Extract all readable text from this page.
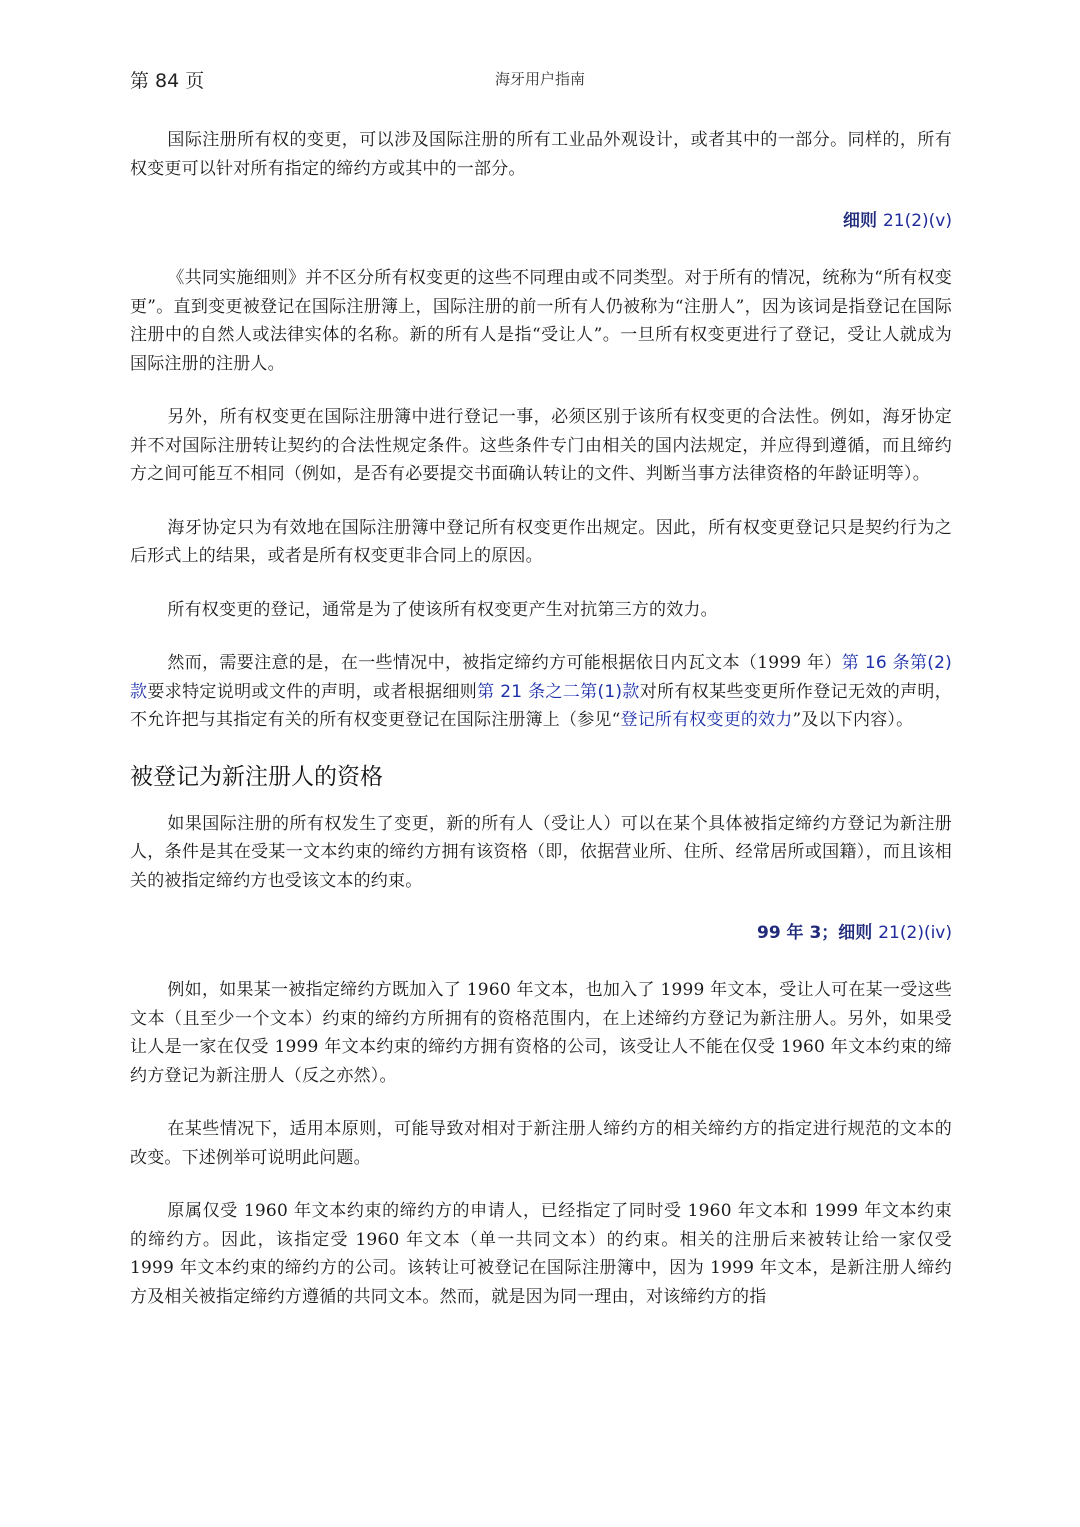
第 84 页	海牙用户指南

国际注册所有权的变更，可以涉及国际注册的所有工业品外观设计，或者其中的一部分。同样的，所有权变更可以针对所有指定的缔约方或其中的一部分。

细则 21(2)(v)

《共同实施细则》并不区分所有权变更的这些不同理由或不同类型。对于所有的情况，统称为“所有权变更”。直到变更被登记在国际注册簿上，国际注册的前一所有人仍被称为“注册人”，因为该词是指登记在国际注册中的自然人或法律实体的名称。新的所有人是指“受让人”。一旦所有权变更进行了登记，受让人就成为国际注册的注册人。

另外，所有权变更在国际注册簿中进行登记一事，必须区别于该所有权变更的合法性。例如，海牙协定并不对国际注册转让契约的合法性规定条件。这些条件专门由相关的国内法规定，并应得到遵循，而且缔约方之间可能互不相同（例如，是否有必要提交书面确认转让的文件、判断当事方法律资格的年龄证明等）。

海牙协定只为有效地在国际注册簿中登记所有权变更作出规定。因此，所有权变更登记只是契约行为之后形式上的结果，或者是所有权变更非合同上的原因。

所有权变更的登记，通常是为了使该所有权变更产生对抗第三方的效力。

然而，需要注意的是，在一些情况中，被指定缔约方可能根据依日内瓦文本（1999 年）第 16 条第(2)款要求特定说明或文件的声明，或者根据细则第 21 条之二第(1)款对所有权某些变更所作登记无效的声明，不允许把与其指定有关的所有权变更登记在国际注册簿上（参见“登记所有权变更的效力”及以下内容）。

被登记为新注册人的资格

如果国际注册的所有权发生了变更，新的所有人（受让人）可以在某个具体被指定缔约方登记为新注册人，条件是其在受某一文本约束的缔约方拥有该资格（即，依据营业所、住所、经常居所或国籍），而且该相关的被指定缔约方也受该文本的约束。

99 年 3；细则 21(2)(iv)

例如，如果某一被指定缔约方既加入了 1960 年文本，也加入了 1999 年文本，受让人可在某一受这些文本（且至少一个文本）约束的缔约方所拥有的资格范围内，在上述缔约方登记为新注册人。另外，如果受让人是一家在仅受 1999 年文本约束的缔约方拥有资格的公司，该受让人不能在仅受 1960 年文本约束的缔约方登记为新注册人（反之亦然）。

在某些情况下，适用本原则，可能导致对相对于新注册人缔约方的相关缔约方的指定进行规范的文本的改变。下述例举可说明此问题。

原属仅受 1960 年文本约束的缔约方的申请人，已经指定了同时受 1960 年文本和 1999 年文本约束的缔约方。因此，该指定受 1960 年文本（单一共同文本）的约束。相关的注册后来被转让给一家仅受 1999 年文本约束的缔约方的公司。该转让可被登记在国际注册簿中，因为 1999 年文本，是新注册人缔约方及相关被指定缔约方遵循的共同文本。然而，就是因为同一理由，对该缔约方的指
